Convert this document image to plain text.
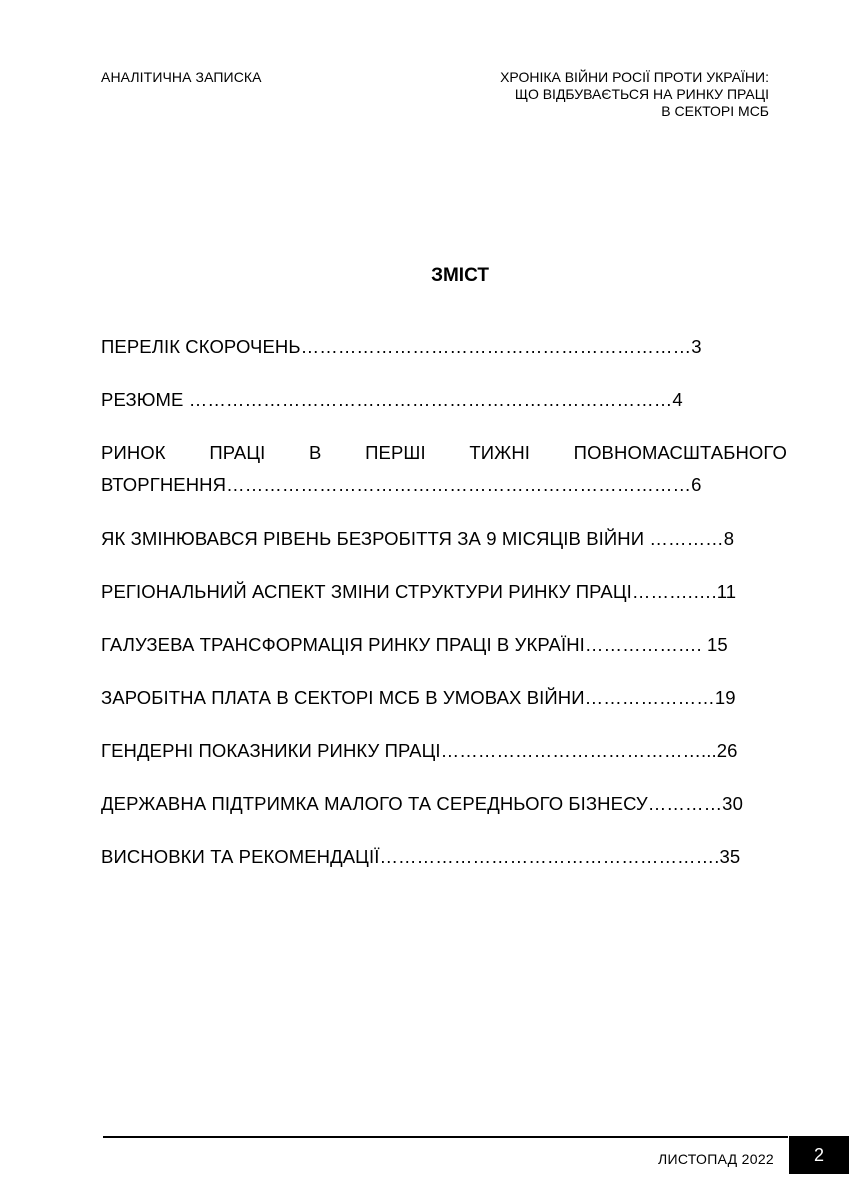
АНАЛІТИЧНА ЗАПИСКА	ХРОНІКА ВІЙНИ РОСІЇ ПРОТИ УКРАЇНИ:
ЩО ВІДБУВАЄТЬСЯ НА РИНКУ ПРАЦІ
В СЕКТОРІ МСБ
ЗМІСТ
ПЕРЕЛІК СКОРОЧЕНЬ………………………………………………………3
РЕЗЮМЕ ……………………………………………………………………4
РИНОК ПРАЦІ В ПЕРШІ ТИЖНІ ПОВНОМАСШТАБНОГО
ВТОРГНЕННЯ…………………………………………………………………6
ЯК ЗМІНЮВАВСЯ РІВЕНЬ БЕЗРОБІТТЯ ЗА 9 МІСЯЦІВ ВІЙНИ …………8
РЕГІОНАЛЬНИЙ АСПЕКТ ЗМІНИ СТРУКТУРИ РИНКУ ПРАЦІ……….….11
ГАЛУЗЕВА ТРАНСФОРМАЦІЯ РИНКУ ПРАЦІ В УКРАЇНІ………………. 15
ЗАРОБІТНА ПЛАТА В СЕКТОРІ МСБ В УМОВАХ ВІЙНИ…………………19
ГЕНДЕРНІ ПОКАЗНИКИ РИНКУ ПРАЦІ……………………………………...26
ДЕРЖАВНА ПІДТРИМКА МАЛОГО ТА СЕРЕДНЬОГО БІЗНЕСУ…………30
ВИСНОВКИ ТА РЕКОМЕНДАЦІЇ……………………………………………….35
ЛИСТОПАД 2022	2
